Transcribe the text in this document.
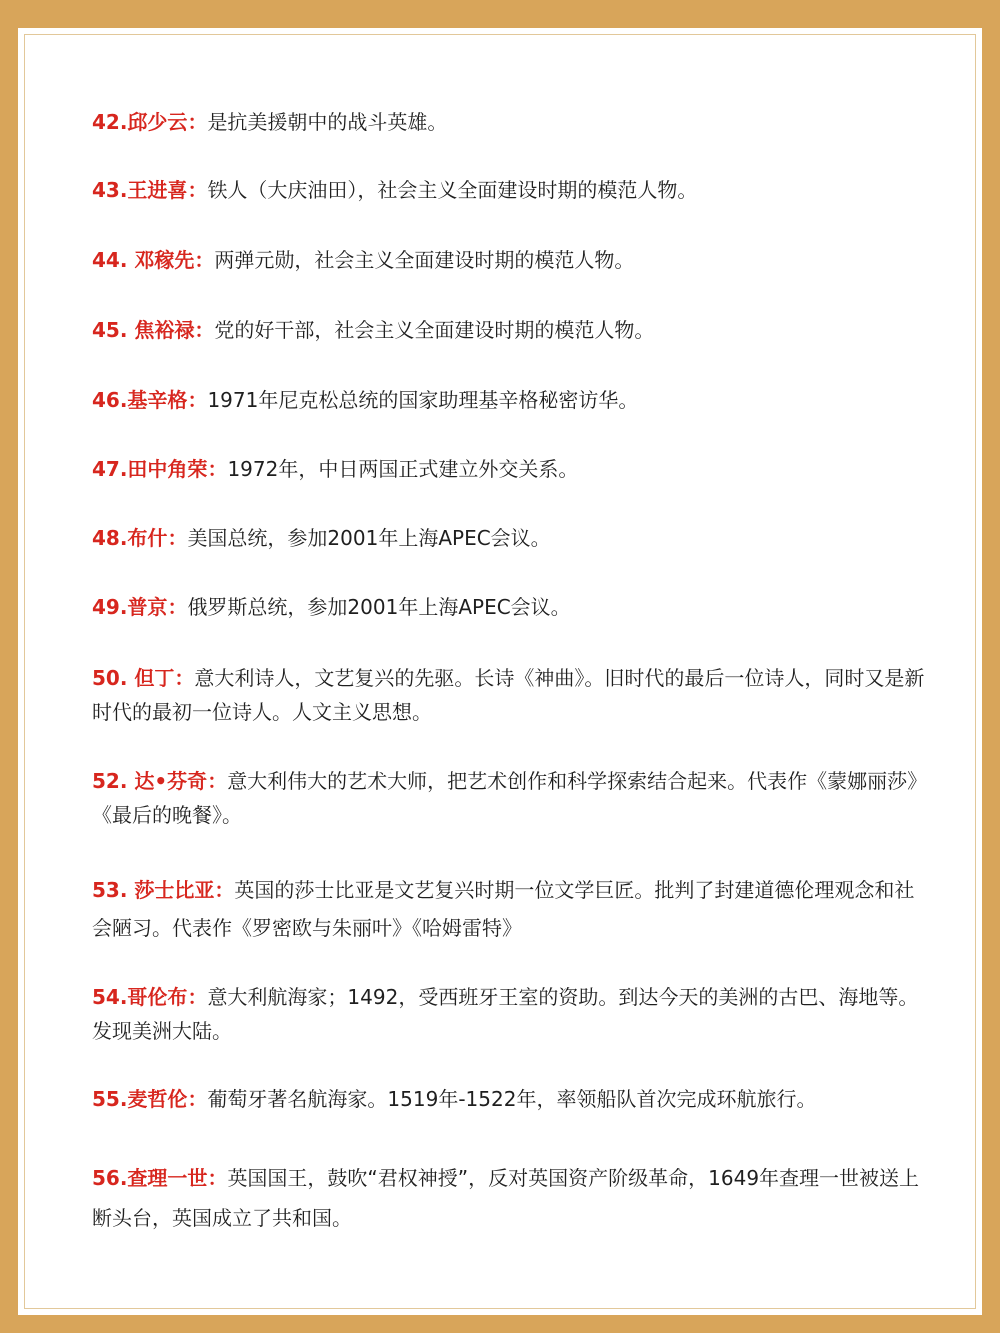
42.邱少云：是抗美援朝中的战斗英雄。
43.王进喜：铁人（大庆油田），社会主义全面建设时期的模范人物。
44. 邓稼先：两弹元勋，社会主义全面建设时期的模范人物。
45. 焦裕禄：党的好干部，社会主义全面建设时期的模范人物。
46.基辛格：1971年尼克松总统的国家助理基辛格秘密访华。
47.田中角荣：1972年，中日两国正式建立外交关系。
48.布什：美国总统，参加2001年上海APEC会议。
49.普京：俄罗斯总统，参加2001年上海APEC会议。
50. 但丁：意大利诗人，文艺复兴的先驱。长诗《神曲》。旧时代的最后一位诗人，同时又是新时代的最初一位诗人。人文主义思想。
52. 达•芬奇：意大利伟大的艺术大师，把艺术创作和科学探索结合起来。代表作《蒙娜丽莎》《最后的晚餐》。
53. 莎士比亚：英国的莎士比亚是文艺复兴时期一位文学巨匠。批判了封建道德伦理观念和社会陋习。代表作《罗密欧与朱丽叶》《哈姆雷特》
54.哥伦布：意大利航海家；1492，受西班牙王室的资助。到达今天的美洲的古巴、海地等。发现美洲大陆。
55.麦哲伦：葡萄牙著名航海家。1519年-1522年，率领船队首次完成环航旅行。
56.查理一世：英国国王，鼓吹“君权神授”，反对英国资产阶级革命，1649年查理一世被送上断头台，英国成立了共和国。
